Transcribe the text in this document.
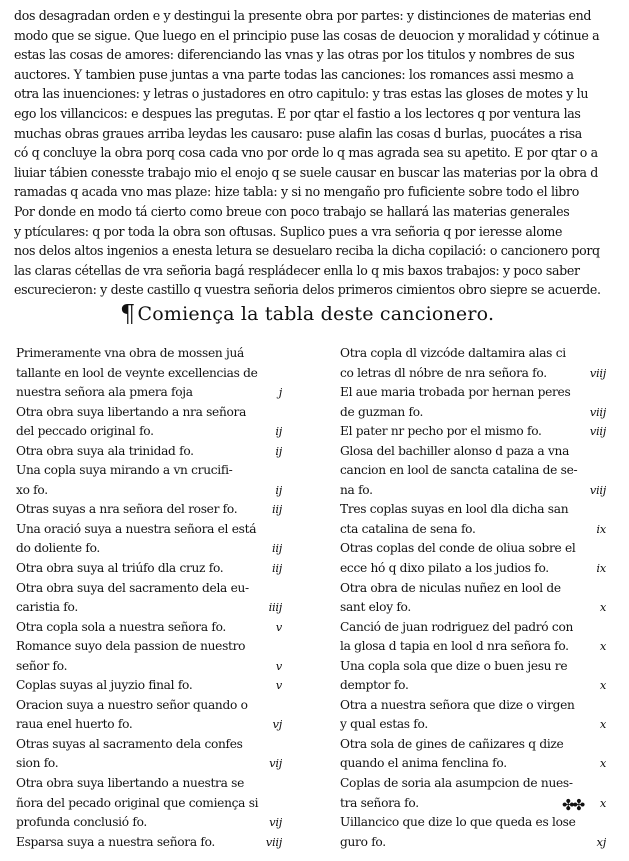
dos desagradan orden e y destingui la presente obra por partes: y distinciones de materias end
modo que se sigue. Que luego en el principio puse las cosas de deuocion y moralidad y cótinue a
estas las cosas de amores: diferenciando las vnas y las otras por los titulos y nombres de sus
auctores. Y tambien puse juntas a vna parte todas las canciones: los romances assi mesmo a
otra las inuenciones: y letras o justadores en otro capitulo: y tras estas las gloses de motes y lu
ego los villancicos: e despues las pregutas. E por qtar el fastio a los lectores q por ventura las
muchas obras graues arriba leydas les causaro: puse alafin las cosas d burlas, puocátes a risa
có q concluye la obra porq cosa cada vno por orde lo q mas agrada sea su apetito. E por qtar o a
liuiar tábien conesste trabajo mio el enojo q se suele causar en buscar las materias por la obra d
ramadas q acada vno mas plaze: hize tabla: y si no mengaño pro fuficiente sobre todo el libro
Por donde en modo tá cierto como breue con poco trabajo se hallará las materias generales
y ptículares: q por toda la obra son oftusas. Suplico pues a vra señoria q por ieresse alome
nos delos altos ingenios a enesta letura se desuelaro reciba la dicha copilació: o cancionero porq
las claras cétellas de vra señoria bagá respládecer enlla lo q mis baxos trabajos: y poco saber
escurecieron: y deste castillo q vuestra señoria delos primeros cimientos obro siepre se acuerde.
¶ Comiença la tabla deste cancionero.
Primeramente vna obra de mossen juá
tallante en lool de veynte excellencias de
nuestra señora ala pmera foja	j
Otra obra suya libertando a nra señora
del peccado original fo.	ij
Otra obra suya ala trinidad fo.	ij
Una copla suya mirando a vn crucifi-
xo fo.	ij
Otras suyas a nra señora del roser fo.	iij
Una oració suya a nuestra señora el está
do doliente fo.	iij
Otra obra suya al triúfo dla cruz fo.	iij
Otra obra suya del sacramento dela eu-
caristia fo.	iiij
Otra copla sola a nuestra señora fo.	v
Romance suyo dela passion de nuestro
señor fo.	v
Coplas suyas al juyzio final fo.	v
Oracion suya a nuestro señor quando o
raua enel huerto fo.	vj
Otras suyas al sacramento dela confes
sion fo.	vij
Otra obra suya libertando a nuestra se
ñora del pecado original que comiença si
profunda conclusió fo.	vij
Esparsa suya a nuestra señora fo.	viij
Otra copla dl vizcóde daltamira alas ci
co letras dl nóbre de nra señora fo.	viij
El aue maria trobada por hernan peres
de guzman fo.	viij
El pater nr pecho por el mismo fo.	viij
Glosa del bachiller alonso d paza a vna
cancion en lool de sancta catalina de se-
na fo.	viij
Tres coplas suyas en lool dla dicha san
cta catalina de sena fo.	ix
Otras coplas del conde de oliua sobre el
ecce hó q dixo pilato a los judios fo.	ix
Otra obra de niculas nuñez en lool de
sant eloy fo.	x
Canció de juan rodriguez del padró con
la glosa d tapia en lool d nra señora fo.	x
Una copla sola que dize o buen jesu re
demptor fo.	x
Otra a nuestra señora que dize o virgen
y qual estas fo.	x
Otra sola de gines de cañizares q dize
quando el anima fenclina fo.	x
Coplas de soria ala asumpcion de nues-
tra señora fo.	x
Uillancico que dize lo que queda es lose
guro fo.	xj
✤✤
